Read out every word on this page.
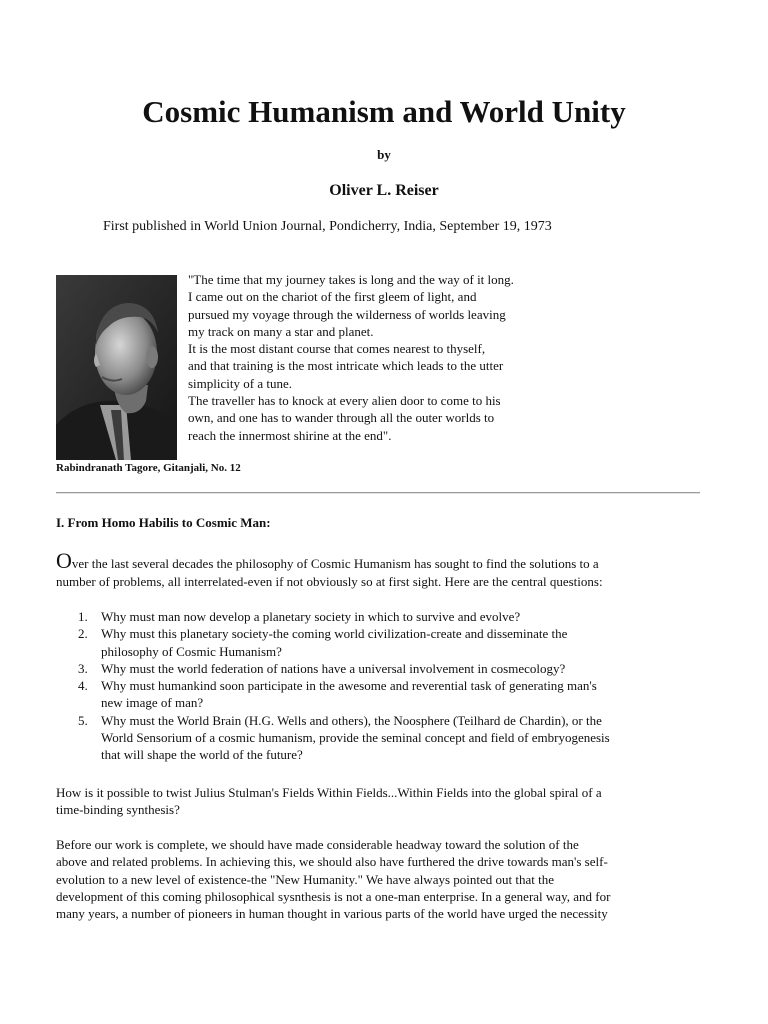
Cosmic Humanism and World Unity
by
Oliver L. Reiser
First published in World Union Journal, Pondicherry, India, September 19, 1973
Rabindranath Tagore, Gitanjali, No. 12
"The time that my journey takes is long and the way of it long.
I came out on the chariot of the first gleem of light, and
pursued my voyage through the wilderness of worlds leaving
my track on many a star and planet.
It is the most distant course that comes nearest to thyself,
and that training is the most intricate which leads to the utter
simplicity of a tune.
The traveller has to knock at every alien door to come to his
own, and one has to wander through all the outer worlds to
reach the innermost shirine at the end".
I. From Homo Habilis to Cosmic Man:
Over the last several decades the philosophy of Cosmic Humanism has sought to find the solutions to a
number of problems, all interrelated-even if not obviously so at first sight. Here are the central questions:
1. Why must man now develop a planetary society in which to survive and evolve?
2. Why must this planetary society-the coming world civilization-create and disseminate the
philosophy of Cosmic Humanism?
3. Why must the world federation of nations have a universal involvement in cosmecology?
4. Why must humankind soon participate in the awesome and reverential task of generating man's
new image of man?
5. Why must the World Brain (H.G. Wells and others), the Noosphere (Teilhard de Chardin), or the
World Sensorium of a cosmic humanism, provide the seminal concept and field of embryogenesis
that will shape the world of the future?
How is it possible to twist Julius Stulman's Fields Within Fields...Within Fields into the global spiral of a
time-binding synthesis?
Before our work is complete, we should have made considerable headway toward the solution of the
above and related problems. In achieving this, we should also have furthered the drive towards man's self-
evolution to a new level of existence-the "New Humanity." We have always pointed out that the
development of this coming philosophical sysnthesis is not a one-man enterprise. In a general way, and for
many years, a number of pioneers in human thought in various parts of the world have urged the necessity
